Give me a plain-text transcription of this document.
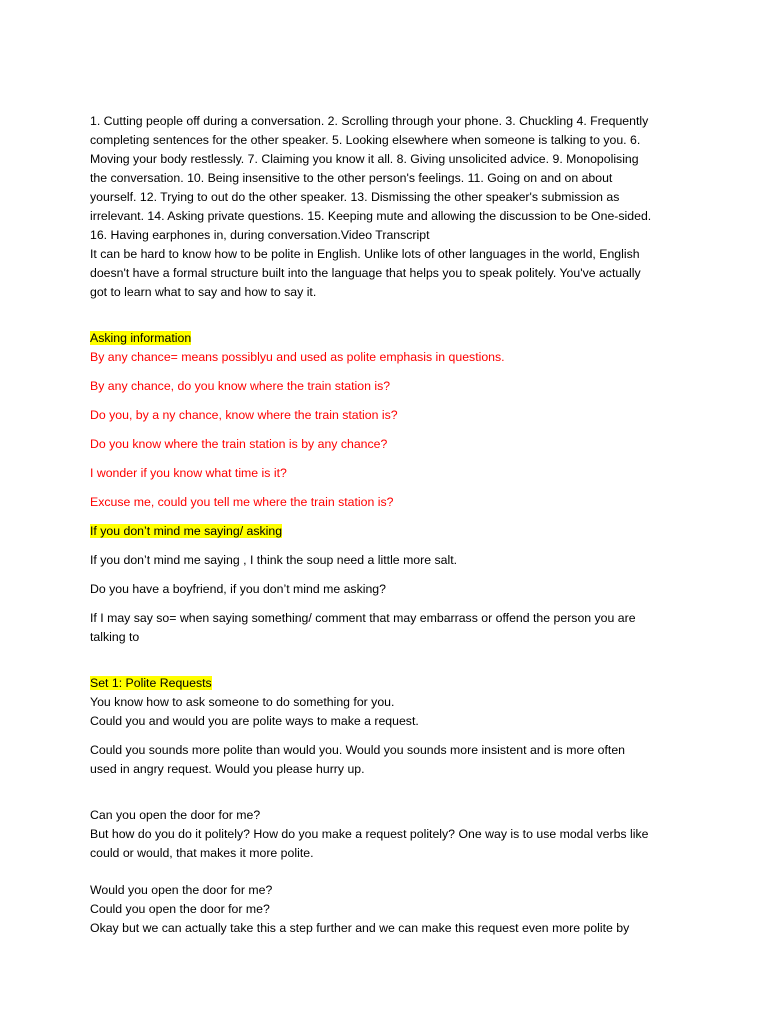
1. Cutting people off during a conversation. 2. Scrolling through your phone. 3. Chuckling 4. Frequently
completing sentences for the other speaker. 5. Looking elsewhere when someone is talking to you. 6.
Moving your body restlessly. 7. Claiming you know it all. 8. Giving unsolicited advice. 9. Monopolising
the conversation. 10. Being insensitive to the other person's feelings. 11. Going on and on about
yourself. 12. Trying to out do the other speaker. 13. Dismissing the other speaker's submission as
irrelevant. 14. Asking private questions. 15. Keeping mute and allowing the discussion to be One-sided.
16. Having earphones in, during conversation.Video Transcript
It can be hard to know how to be polite in English. Unlike lots of other languages in the world, English
doesn't have a formal structure built into the language that helps you to speak politely. You've actually
got to learn what to say and how to say it.
Asking information
By any chance= means possiblyu and used as polite emphasis in questions.
By any chance, do you know where the train station is?
Do you, by a ny chance, know where the train station is?
Do you know where the train station is by any chance?
I wonder if you know what time is it?
Excuse me, could you tell me where the train station is?
If you don’t mind me saying/ asking
If you don’t mind me saying , I think the soup need a little more salt.
Do you have a boyfriend, if you don’t mind me asking?
If I may say so= when saying something/ comment that may embarrass or offend the person you are
talking to
Set 1: Polite Requests
You know how to ask someone to do something for you.
Could you and would you are polite ways to make a request.
Could you sounds more polite than would you. Would you sounds more insistent and is more often
used in angry request. Would you please hurry up.
Can you open the door for me?
But how do you do it politely? How do you make a request politely? One way is to use modal verbs like
could or would, that makes it more polite.
Would you open the door for me?
Could you open the door for me?
Okay but we can actually take this a step further and we can make this request even more polite by
